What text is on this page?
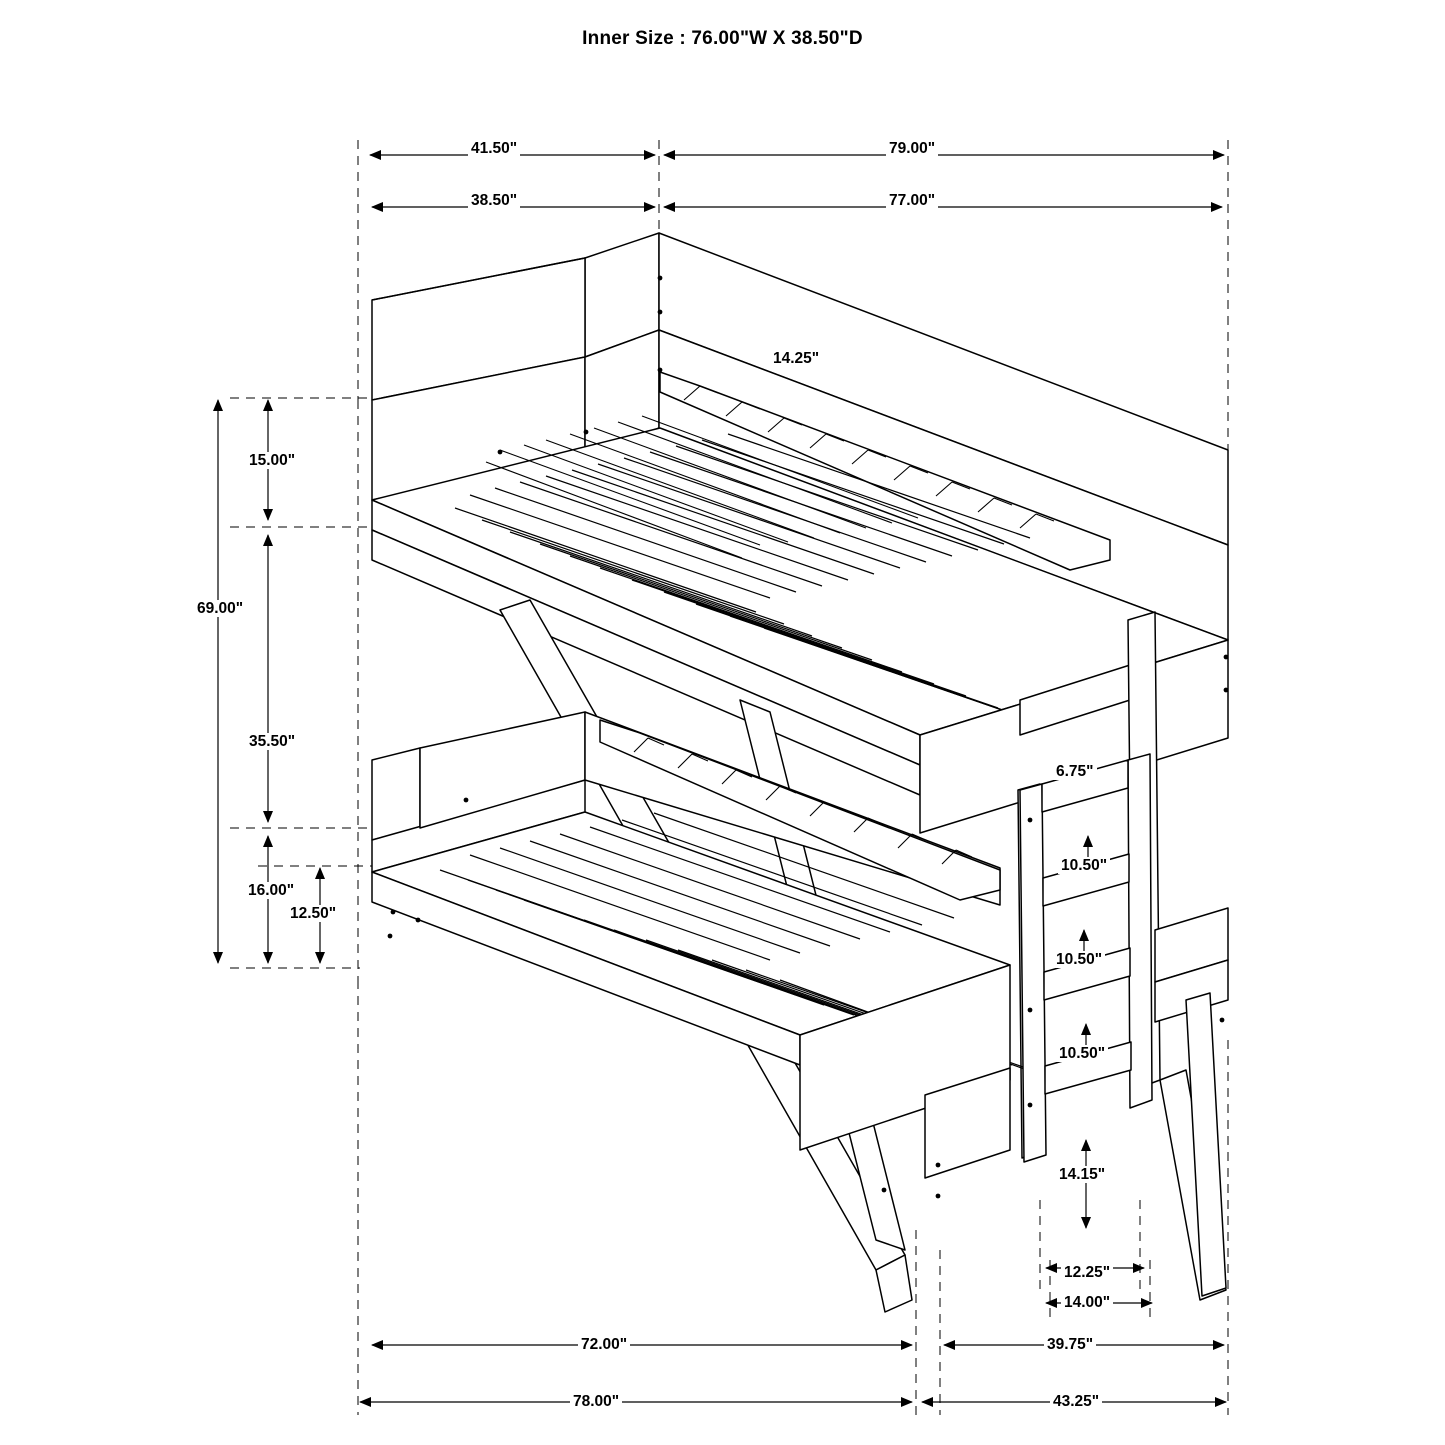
Inner Size : 76.00"W X 38.50"D
41.50"	79.00"
38.50"	77.00"
15.00"
69.00"
35.50"
16.00"
12.50"
14.25"
6.75"
10.50"
10.50"
10.50"
14.15"
12.25"
14.00"
72.00"	39.75"
78.00"	43.25"
